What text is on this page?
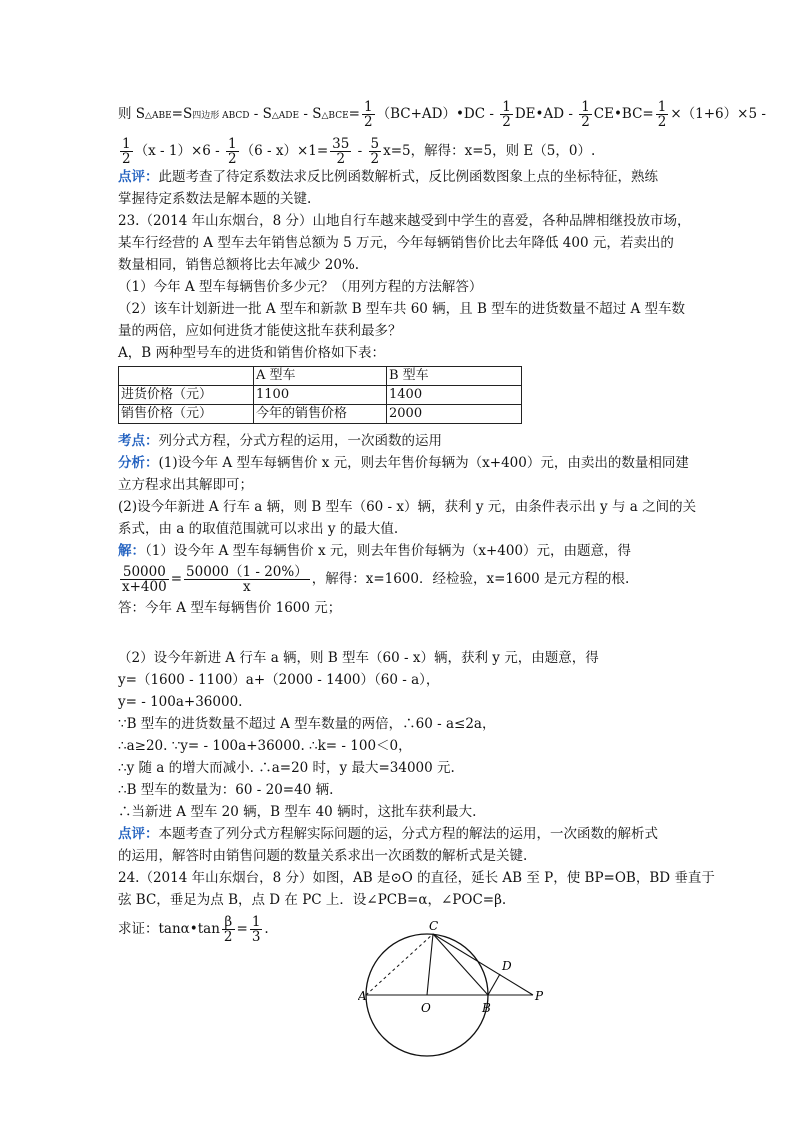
则 S△ABE=S四边形 ABCD - S△ADE - S△BCE= $\frac{1}{2}$ （BC+AD）•DC - $\frac{1}{2}$ DE•AD - $\frac{1}{2}$ CE•BC= $\frac{1}{2} \times(1+6)\times 5$ -
$\frac{1}{2} (x - 1)\times 6 - \frac{1}{2} (6 - x)\times 1= \frac{35}{2} - \frac{5}{2} x=5$，解得：x=5，则 E（5，0）.
点评：此题考查了待定系数法求反比例函数解析式，反比例函数图象上点的坐标特征，熟练
掌握待定系数法是解本题的关键.
23.（2014 年山东烟台，8 分）山地自行车越来越受到中学生的喜爱，各种品牌相继投放市场，
某车行经营的 A 型车去年销售总额为 5 万元，今年每辆销售价比去年降低 400 元，若卖出的
数量相同，销售总额将比去年减少 20%.
（1）今年 A 型车每辆售价多少元？（用列方程的方法解答）
（2）该车计划新进一批 A 型车和新款 B 型车共 60 辆，且 B 型车的进货数量不超过 A 型车数
量的两倍，应如何进货才能使这批车获利最多？
A，B 两种型号车的进货和销售价格如下表：
	A 型车	B 型车
进货价格（元）	1100	1400
销售价格（元）	今年的销售价格	2000
考点：列分式方程，分式方程的运用，一次函数的运用
分析：(1)设今年 A 型车每辆售价 x 元，则去年售价每辆为（x+400）元，由卖出的数量相同建
立方程求出其解即可；
(2)设今年新进 A 行车 a 辆，则 B 型车（60 - x）辆，获利 y 元，由条件表示出 y 与 a 之间的关
系式，由 a 的取值范围就可以求出 y 的最大值.
解：（1）设今年 A 型车每辆售价 x 元，则去年售价每辆为（x+400）元，由题意，得
$\frac{50000}{x+400} = \frac{50000(1 - 20\%)}{x}$ ，解得：x=1600．经检验，x=1600 是元方程的根.
答：今年 A 型车每辆售价 1600 元；
（2）设今年新进 A 行车 a 辆，则 B 型车（60 - x）辆，获利 y 元，由题意，得
y=（1600 - 1100）a+（2000 - 1400）（60 - a），
y= - 100a+36000.
∵B 型车的进货数量不超过 A 型车数量的两倍，∴60 - a≤2a，
∴a≥20. ∵y= - 100a+36000. ∴k= - 100＜0，
∴y 随 a 的增大而减小. ∴a=20 时，y 最大=34000 元.
∴B 型车的数量为：60 - 20=40 辆.
∴当新进 A 型车 20 辆，B 型车 40 辆时，这批车获利最大.
点评：本题考查了列分式方程解实际问题的运，分式方程的解法的运用，一次函数的解析式
的运用，解答时由销售问题的数量关系求出一次函数的解析式是关键.
24.（2014 年山东烟台，8 分）如图，AB 是⊙O 的直径，延长 AB 至 P，使 BP=OB，BD 垂直于
弦 BC，垂足为点 B，点 D 在 PC 上．设∠PCB=α，∠POC=β.
求证：tanα•tan $\frac{\beta}{2} = \frac{1}{3}$ .
A
O	B
C
D
P
